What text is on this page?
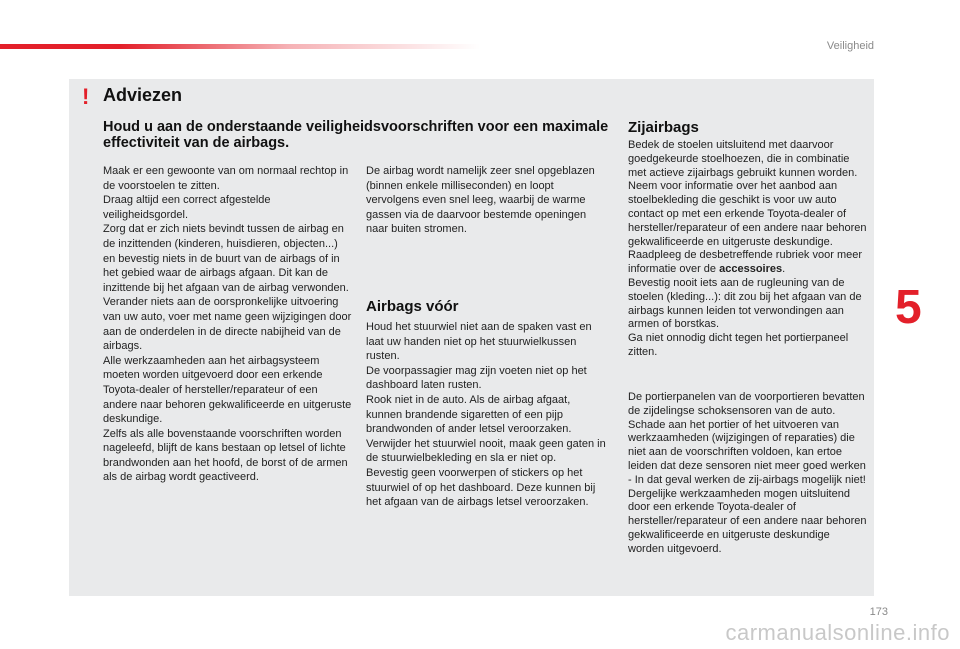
Veiligheid
! Adviezen
Houd u aan de onderstaande veiligheidsvoorschriften voor een maximale effectiviteit van de airbags.

Maak er een gewoonte van om normaal rechtop in de voorstoelen te zitten.
Draag altijd een correct afgestelde veiligheidsgordel.
Zorg dat er zich niets bevindt tussen de airbag en de inzittenden (kinderen, huisdieren, objecten...) en bevestig niets in de buurt van de airbags of in het gebied waar de airbags afgaan. Dit kan de inzittende bij het afgaan van de airbag verwonden.
Verander niets aan de oorspronkelijke uitvoering van uw auto, voer met name geen wijzigingen door aan de onderdelen in de directe nabijheid van de airbags.
Alle werkzaamheden aan het airbagsysteem moeten worden uitgevoerd door een erkende Toyota-dealer of hersteller/reparateur of een andere naar behoren gekwalificeerde en uitgeruste deskundige.
Zelfs als alle bovenstaande voorschriften worden nageleefd, blijft de kans bestaan op letsel of lichte brandwonden aan het hoofd, de borst of de armen als de airbag wordt geactiveerd.

De airbag wordt namelijk zeer snel opgeblazen (binnen enkele milliseconden) en loopt vervolgens even snel leeg, waarbij de warme gassen via de daarvoor bestemde openingen naar buiten stromen.

Airbags vóór

Houd het stuurwiel niet aan de spaken vast en laat uw handen niet op het stuurwielkussen rusten.
De voorpassagier mag zijn voeten niet op het dashboard laten rusten.
Rook niet in de auto. Als de airbag afgaat, kunnen brandende sigaretten of een pijp brandwonden of ander letsel veroorzaken.
Verwijder het stuurwiel nooit, maak geen gaten in de stuurwielbekleding en sla er niet op.
Bevestig geen voorwerpen of stickers op het stuurwiel of op het dashboard. Deze kunnen bij het afgaan van de airbags letsel veroorzaken.

Zijairbags

Bedek de stoelen uitsluitend met daarvoor goedgekeurde stoelhoezen, die in combinatie met actieve zijairbags gebruikt kunnen worden. Neem voor informatie over het aanbod aan stoelbekleding die geschikt is voor uw auto contact op met een erkende Toyota-dealer of hersteller/reparateur of een andere naar behoren gekwalificeerde en uitgeruste deskundige.
Raadpleeg de desbetreffende rubriek voor meer informatie over de accessoires.
Bevestig nooit iets aan de rugleuning van de stoelen (kleding...): dit zou bij het afgaan van de airbags kunnen leiden tot verwondingen aan armen of borstkas.
Ga niet onnodig dicht tegen het portierpaneel zitten.

De portierpanelen van de voorportieren bevatten de zijdelingse schoksensoren van de auto.
Schade aan het portier of het uitvoeren van werkzaamheden (wijzigingen of reparaties) die niet aan de voorschriften voldoen, kan ertoe leiden dat deze sensoren niet meer goed werken - In dat geval werken de zij-airbags mogelijk niet!
Dergelijke werkzaamheden mogen uitsluitend door een erkende Toyota-dealer of hersteller/reparateur of een andere naar behoren gekwalificeerde en uitgeruste deskundige worden uitgevoerd.

5
173
carmanualsonline.info
